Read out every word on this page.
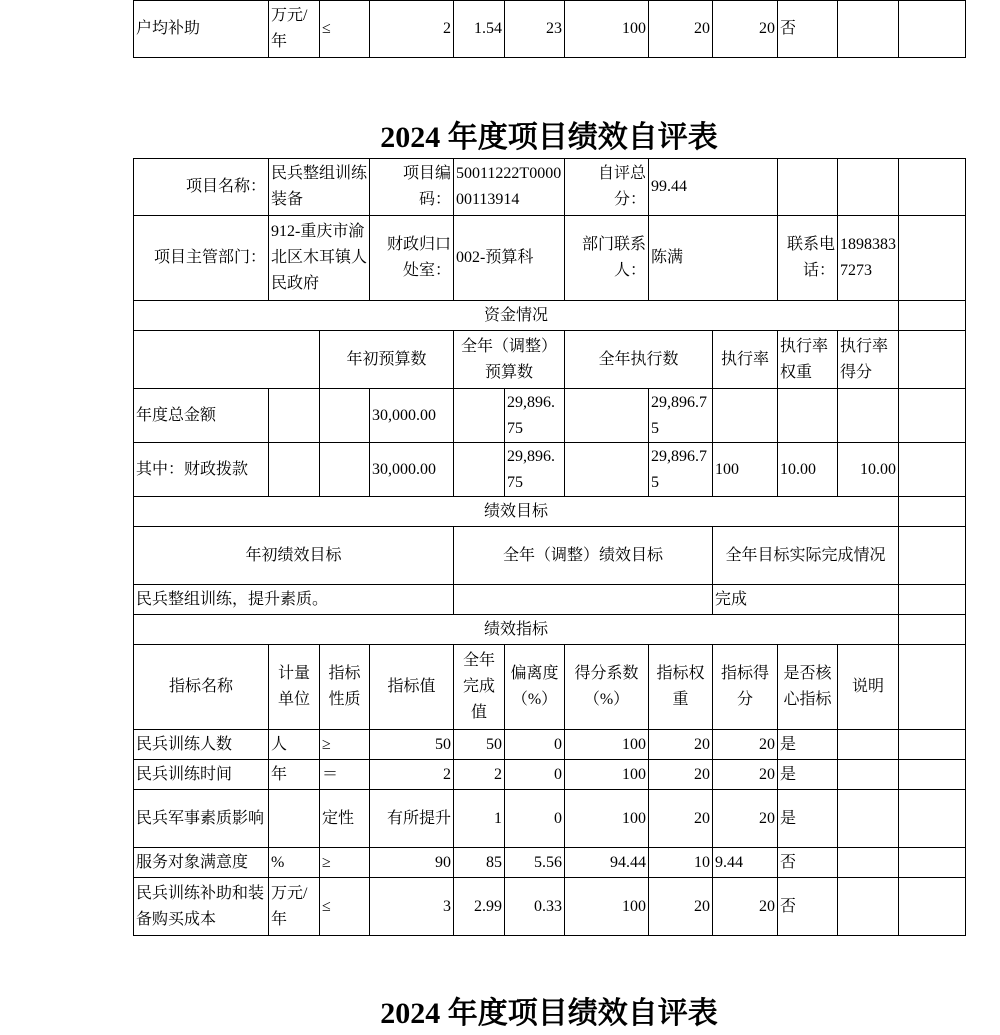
户均补助	万元/年	≤	2	1.54	23	100	20	20	否		
2024 年度项目绩效自评表
项目名称：	民兵整组训练装备		项目编码：	50011222T000000113914		自评总分：	99.44				
项目主管部门：	912-重庆市渝北区木耳镇人民政府		财政归口处室：	002-预算科		部门联系人：	陈满		联系电话：	18983837273	
资金情况											
		年初预算数		全年（调整）预算数		全年执行数		执行率	执行率权重	执行率得分	
年度总金额			30,000.00		29,896.75		29,896.75				
其中：财政拨款			30,000.00		29,896.75		29,896.75	100	10.00	10.00	
绩效目标											
年初绩效目标				全年（调整）绩效目标				全年目标实际完成情况			
民兵整组训练，提升素质。								完成			
绩效指标											
指标名称	计量单位	指标性质	指标值	全年完成值	偏离度（%）	得分系数（%）	指标权重	指标得分	是否核心指标	说明	
民兵训练人数	人	≥	50	50	0	100	20	20	是		
民兵训练时间	年	＝	2	2	0	100	20	20	是		
民兵军事素质影响		定性	有所提升	1	0	100	20	20	是		
服务对象满意度	%	≥	90	85	5.56	94.44	10	9.44	否		
民兵训练补助和装备购买成本	万元/年	≤	3	2.99	0.33	100	20	20	否		
2024 年度项目绩效自评表
